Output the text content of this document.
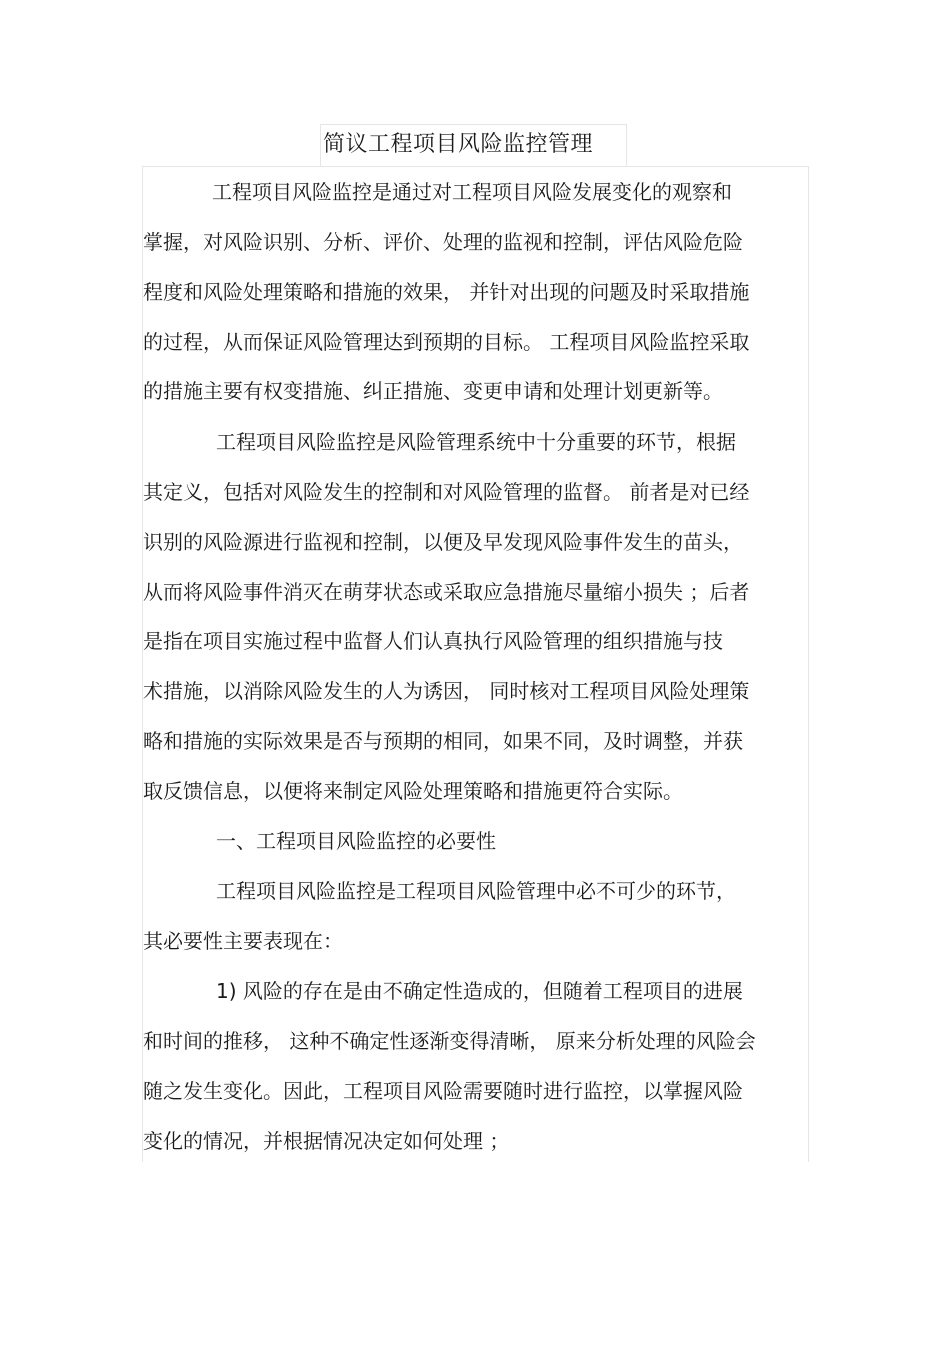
简议工程项目风险监控管理
工程项目风险监控是通过对工程项目风险发展变化的观察和
掌握，对风险识别、分析、评价、处理的监视和控制，评估风险危险
程度和风险处理策略和措施的效果， 并针对出现的问题及时采取措施
的过程，从而保证风险管理达到预期的目标。 工程项目风险监控采取
的措施主要有权变措施、纠正措施、变更申请和处理计划更新等。
工程项目风险监控是风险管理系统中十分重要的环节，根据
其定义，包括对风险发生的控制和对风险管理的监督。 前者是对已经
识别的风险源进行监视和控制，以便及早发现风险事件发生的苗头，
从而将风险事件消灭在萌芽状态或采取应急措施尽量缩小损失 ；后者
是指在项目实施过程中监督人们认真执行风险管理的组织措施与技
术措施，以消除风险发生的人为诱因， 同时核对工程项目风险处理策
略和措施的实际效果是否与预期的相同，如果不同，及时调整，并获
取反馈信息，以便将来制定风险处理策略和措施更符合实际。
一、工程项目风险监控的必要性
工程项目风险监控是工程项目风险管理中必不可少的环节，
其必要性主要表现在：
1) 风险的存在是由不确定性造成的，但随着工程项目的进展
和时间的推移， 这种不确定性逐渐变得清晰， 原来分析处理的风险会
随之发生变化。因此，工程项目风险需要随时进行监控，以掌握风险
变化的情况，并根据情况决定如何处理 ；
